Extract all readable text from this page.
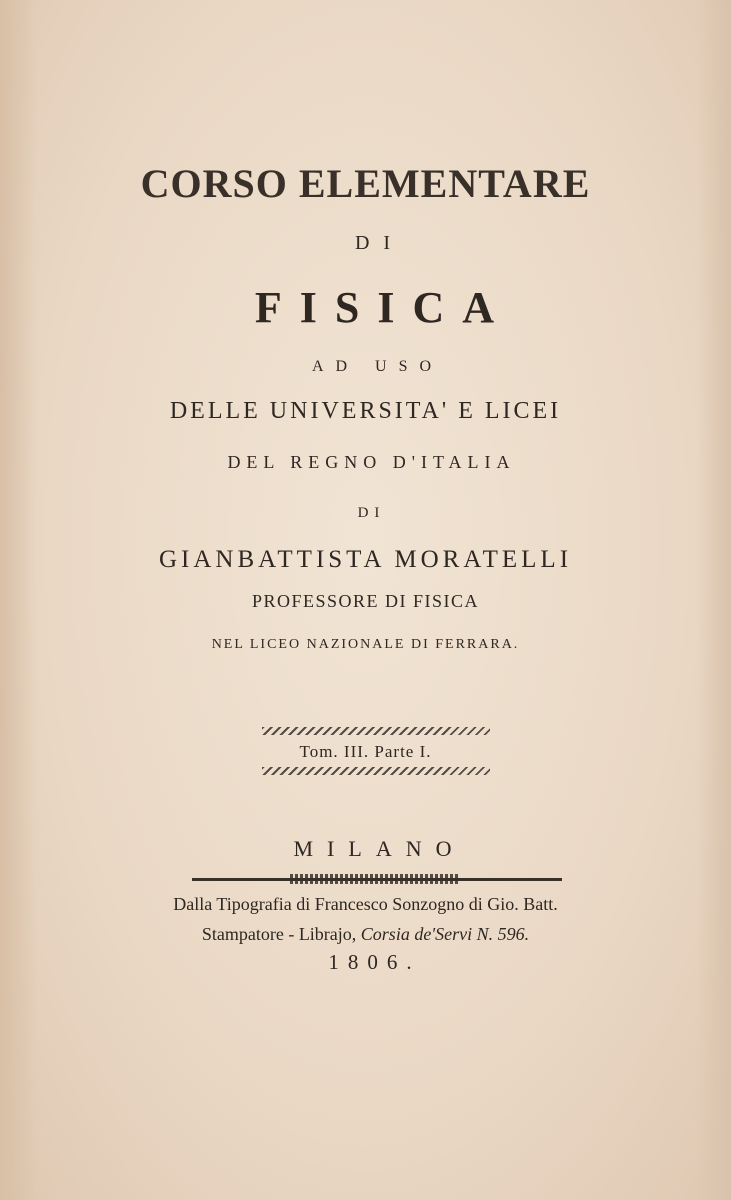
CORSO ELEMENTARE
DI
FISICA
AD USO
DELLE UNIVERSITA' E LICEI
DEL REGNO D'ITALIA
DI
GIANBATTISTA MORATELLI
PROFESSORE DI FISICA
NEL LICEO NAZIONALE DI FERRARA.
Tom. III. Parte I.
MILANO
Dalla Tipografia di Francesco Sonzogno di Gio. Batt.
Stampatore - Librajo, Corsia de'Servi N. 596.
1806.
